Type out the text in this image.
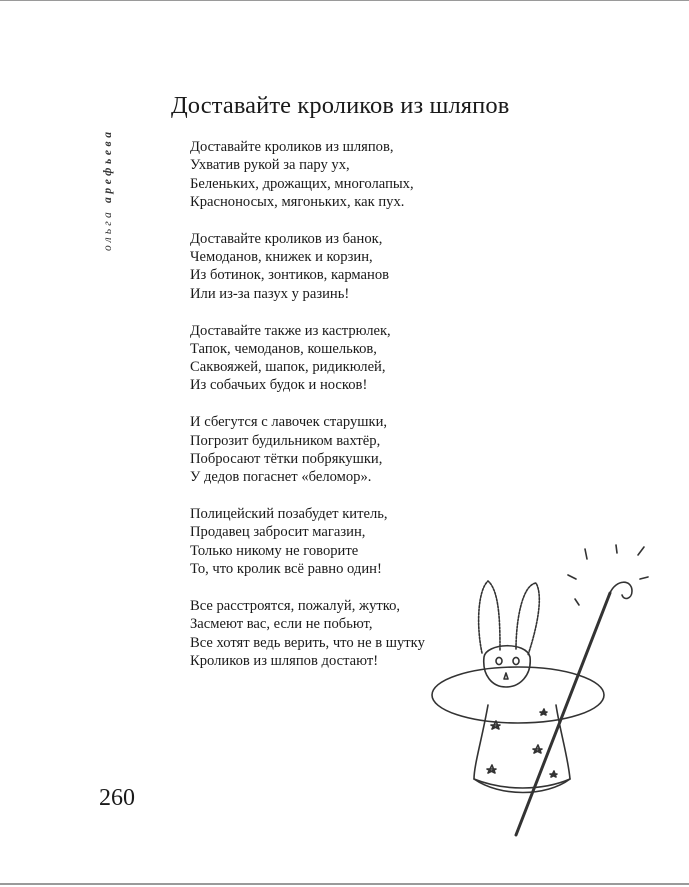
ольга арефьева
Доставайте кроликов из шляпов
Доставайте кроликов из шляпов,
Ухватив рукой за пару ух,
Беленьких, дрожащих, многолапых,
Красноносых, мягоньких, как пух.
Доставайте кроликов из банок,
Чемоданов, книжек и корзин,
Из ботинок, зонтиков, карманов
Или из-за пазух у разинь!
Доставайте также из кастрюлек,
Тапок, чемоданов, кошельков,
Саквояжей, шапок, ридикюлей,
Из собачьих будок и носков!
И сбегутся с лавочек старушки,
Погрозит будильником вахтёр,
Побросают тётки побрякушки,
У дедов погаснет «беломор».
Полицейский позабудет китель,
Продавец забросит магазин,
Только никому не говорите
То, что кролик всё равно один!
Все расстроятся, пожалуй, жутко,
Засмеют вас, если не побьют,
Все хотят ведь верить, что не в шутку
Кроликов из шляпов достают!
260
